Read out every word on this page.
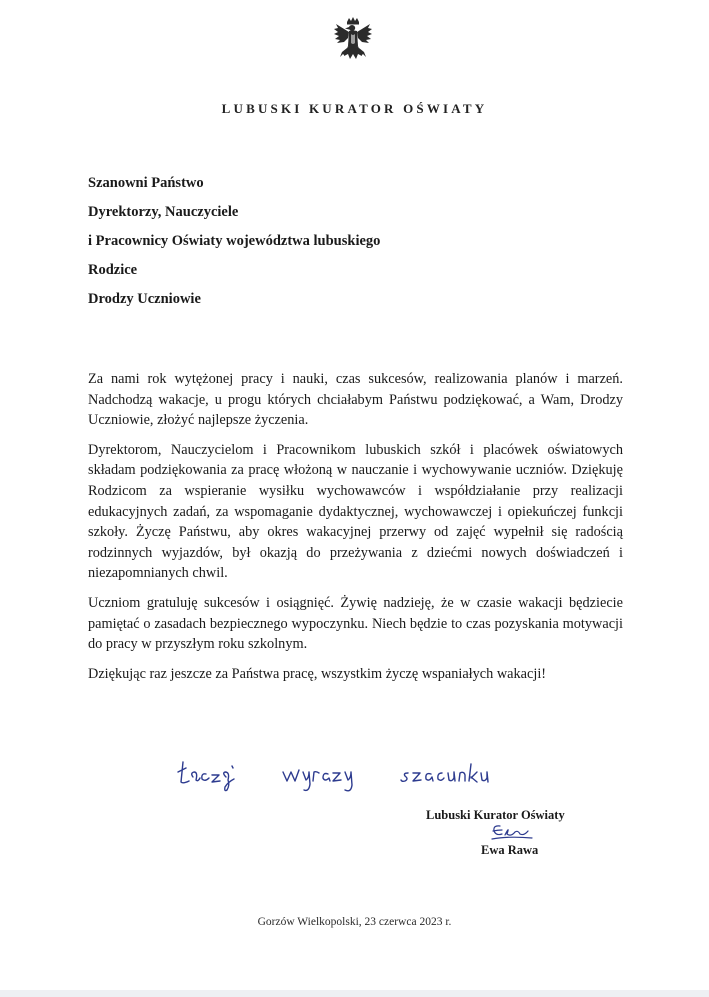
LUBUSKI KURATOR OŚWIATY
Szanowni Państwo
Dyrektorzy, Nauczyciele
i Pracownicy Oświaty województwa lubuskiego
Rodzice
Drodzy Uczniowie

Za nami rok wytężonej pracy i nauki, czas sukcesów, realizowania planów i marzeń. Nadchodzą wakacje, u progu których chciałabym Państwu podziękować, a Wam, Drodzy Uczniowie, złożyć najlepsze życzenia.

Dyrektorom, Nauczycielom i Pracownikom lubuskich szkół i placówek oświatowych składam podziękowania za pracę włożoną w nauczanie i wychowywanie uczniów. Dziękuję Rodzicom za wspieranie wysiłku wychowawców i współdziałanie przy realizacji edukacyjnych zadań, za wspomaganie dydaktycznej, wychowawczej i opiekuńczej funkcji szkoły. Życzę Państwu, aby okres wakacyjnej przerwy od zajęć wypełnił się radością rodzinnych wyjazdów, był okazją do przeżywania z dziećmi nowych doświadczeń i niezapomnianych chwil.

Uczniom gratuluję sukcesów i osiągnięć. Żywię nadzieję, że w czasie wakacji będziecie pamiętać o zasadach bezpiecznego wypoczynku. Niech będzie to czas pozyskania motywacji do pracy w przyszłym roku szkolnym.

Dziękując raz jeszcze za Państwa pracę, wszystkim życzę wspaniałych wakacji!

Lubuski Kurator Oświaty
Ewa Rawa
Gorzów Wielkopolski, 23 czerwca 2023 r.
